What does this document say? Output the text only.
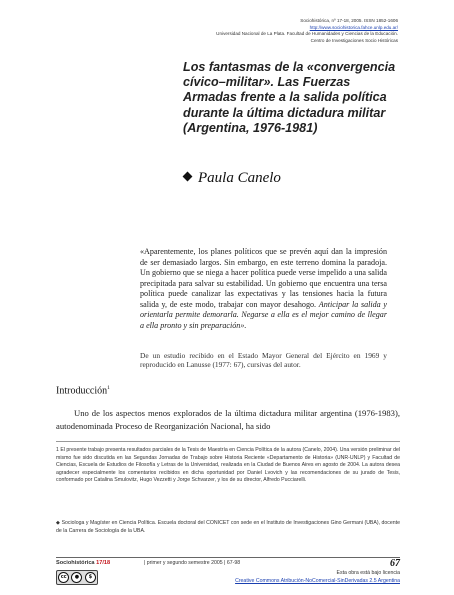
Sociohistórica, nº 17-18, 2005. ISSN 1852-1606
http://www.sociohistorica.fahce.unlp.edu.ar/
Universidad Nacional de La Plata. Facultad de Humanidades y Ciencias de la Educación.
Centro de Investigaciones Socio Históricas
Los fantasmas de la «convergencia cívico–militar». Las Fuerzas Armadas frente a la salida política durante la última dictadura militar (Argentina, 1976-1981)
Paula Canelo
«Aparentemente, los planes políticos que se prevén aquí dan la impresión de ser demasiado largos. Sin embargo, en este terreno domina la paradoja. Un gobierno que se niega a hacer política puede verse impelido a una salida precipitada para salvar su estabilidad. Un gobierno que encuentra una tersa política puede canalizar las expectativas y las tensiones hacia la futura salida y, de este modo, trabajar con mayor desahogo. Anticipar la salida y orientarla permite demorarla. Negarse a ella es el mejor camino de llegar a ella pronto y sin preparación».
De un estudio recibido en el Estado Mayor General del Ejército en 1969 y reproducido en Lanusse (1977: 67), cursivas del autor.
Introducción$^1$

Uno de los aspectos menos explorados de la última dictadura militar argentina (1976-1983), autodenominada Proceso de Reorganización Nacional, ha sido

1 El presente trabajo presenta resultados parciales de la Tesis de Maestría en Ciencia Política de la autora (Canelo, 2004). Una versión preliminar del mismo fue sido discutida en las Segundas Jornadas de Trabajo sobre Historia Reciente «Departamento de Historia» (UNR-UNLP) y Facultad de Ciencias, Escuela de Estudios de Filosofía y Letras de la Universidad, realizada en la Ciudad de Buenos Aires en agosto de 2004. La autora desea agradecer especialmente los comentarios recibidos en dicha oportunidad por Daniel Lvovich y las recomendaciones de su jurado de Tesis, conformado por Catalina Smulovitz, Hugo Vezzetti y Jorge Schvarzer, y los de su director, Alfredo Pucciarelli.
◆ Sociologa y Magíster en Ciencia Política. Escuela doctoral del CONICET con sede en el Instituto de Investigaciones Gino Germani (UBA), docente de la Carrera de Sociología de la UBA.
Sociohistórica 17/18	| primer y segundo semestre 2005 | 67-98	67
cc	●	$
Esta obra está bajo licencia
Creative Commons Atribución-NoComercial-SinDerivadas 2.5 Argentina
